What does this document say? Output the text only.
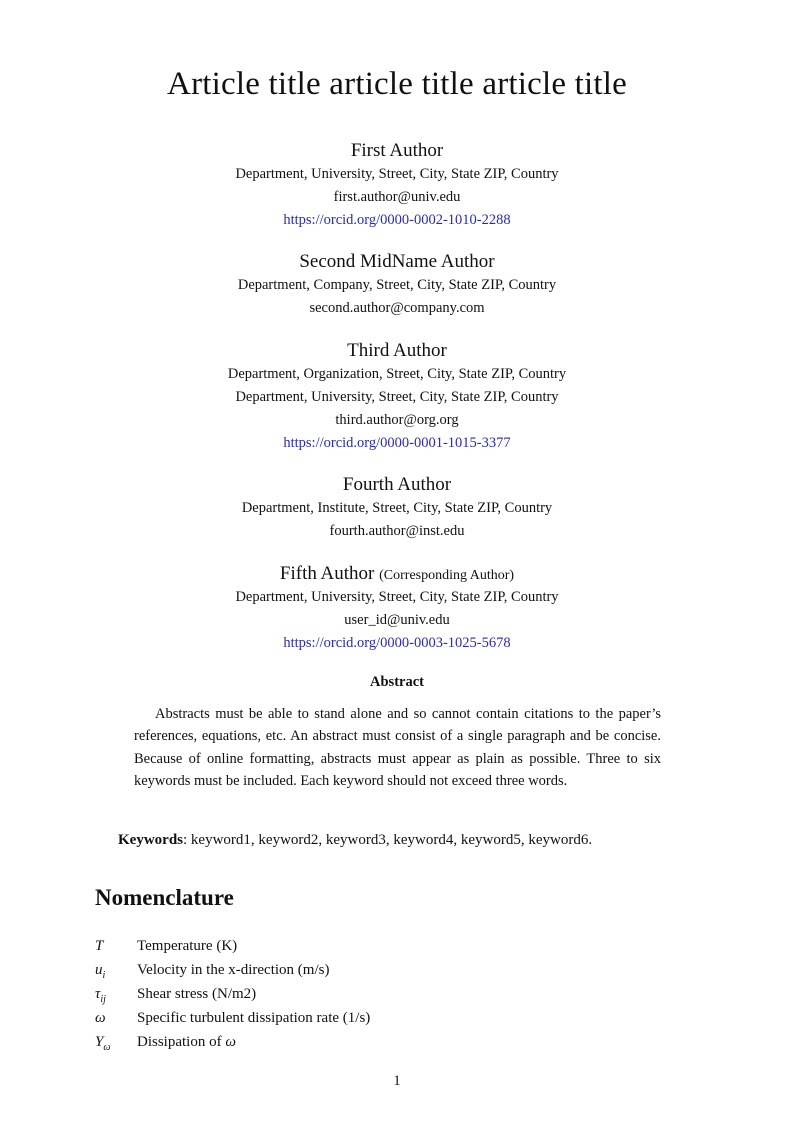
Article title article title article title
First Author
Department, University, Street, City, State ZIP, Country
first.author@univ.edu
https://orcid.org/0000-0002-1010-2288
Second MidName Author
Department, Company, Street, City, State ZIP, Country
second.author@company.com
Third Author
Department, Organization, Street, City, State ZIP, Country
Department, University, Street, City, State ZIP, Country
third.author@org.org
https://orcid.org/0000-0001-1015-3377
Fourth Author
Department, Institute, Street, City, State ZIP, Country
fourth.author@inst.edu
Fifth Author (Corresponding Author)
Department, University, Street, City, State ZIP, Country
user_id@univ.edu
https://orcid.org/0000-0003-1025-5678
Abstract
Abstracts must be able to stand alone and so cannot contain citations to the paper’s references, equations, etc. An abstract must consist of a single paragraph and be concise. Because of online formatting, abstracts must appear as plain as possible. Three to six keywords must be included. Each keyword should not exceed three words.
Keywords: keyword1, keyword2, keyword3, keyword4, keyword5, keyword6.
Nomenclature
T	Temperature (K)
$u_i$	Velocity in the x-direction (m/s)
$\tau_{ij}$	Shear stress (N/m2)
ω	Specific turbulent dissipation rate (1/s)
$Y_\omega$	Dissipation of ω
1
